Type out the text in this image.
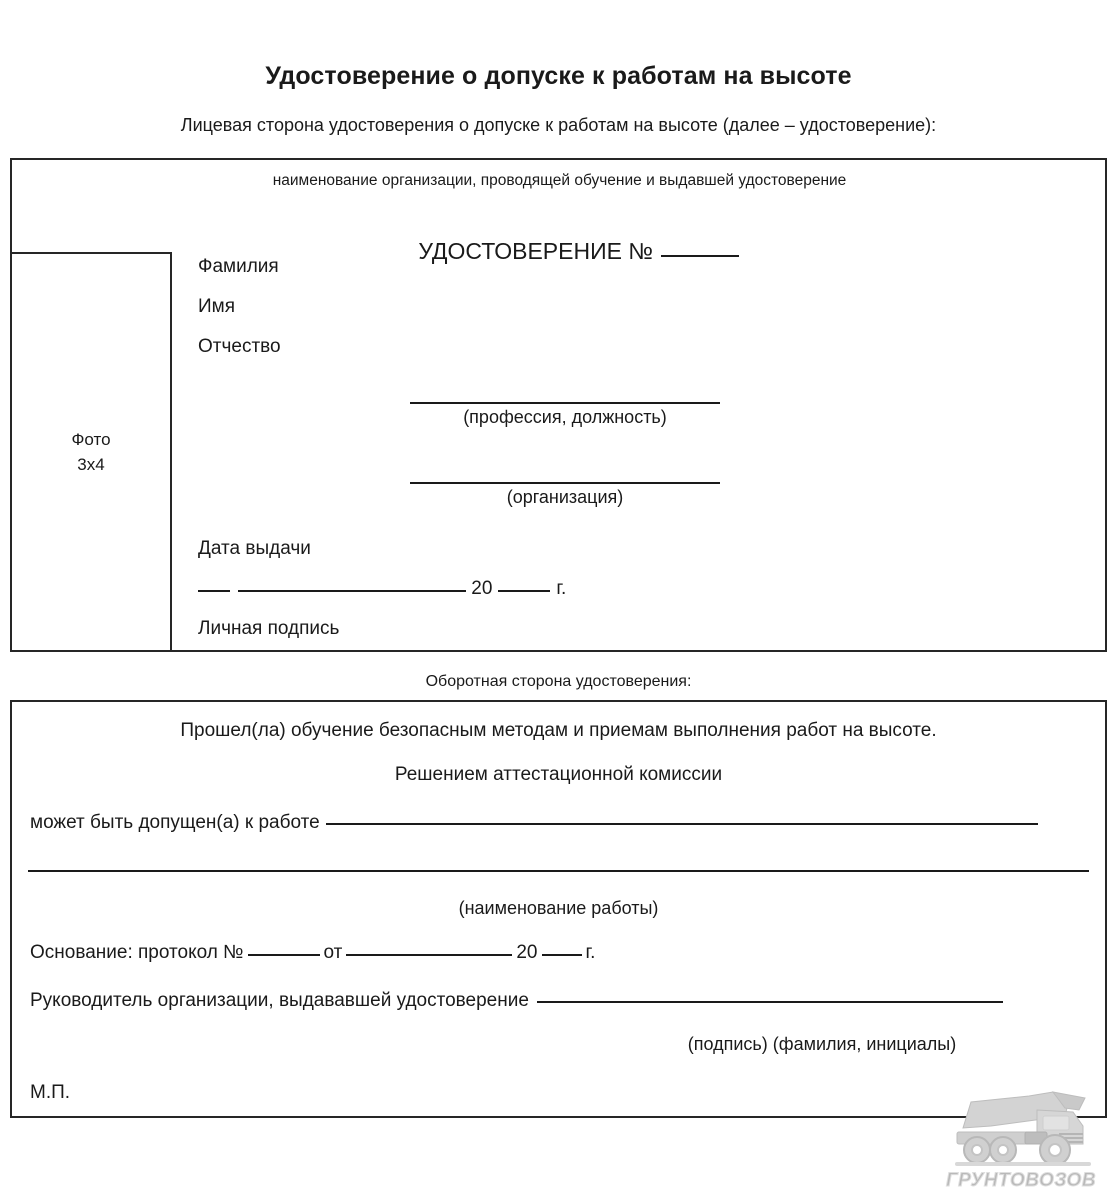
Удостоверение о допуске к работам на высоте
Лицевая сторона удостоверения о допуске к работам на высоте (далее – удостоверение):
наименование организации, проводящей обучение и выдавшей удостоверение

УДОСТОВЕРЕНИЕ №

Фото
3x4
Фамилия
Имя
Отчество
(профессия, должность)
(организация)
Дата выдачи
20	г.
Личная подпись
Оборотная сторона удостоверения:
Прошел(ла) обучение безопасным методам и приемам выполнения работ на высоте.
Решением аттестационной комиссии
может быть допущен(а) к работе
(наименование работы)
Основание: протокол №	от	20	г.
Руководитель организации, выдававшей удостоверение
(подпись) (фамилия, инициалы)
М.П.
ГРУНТОВОЗОВ
